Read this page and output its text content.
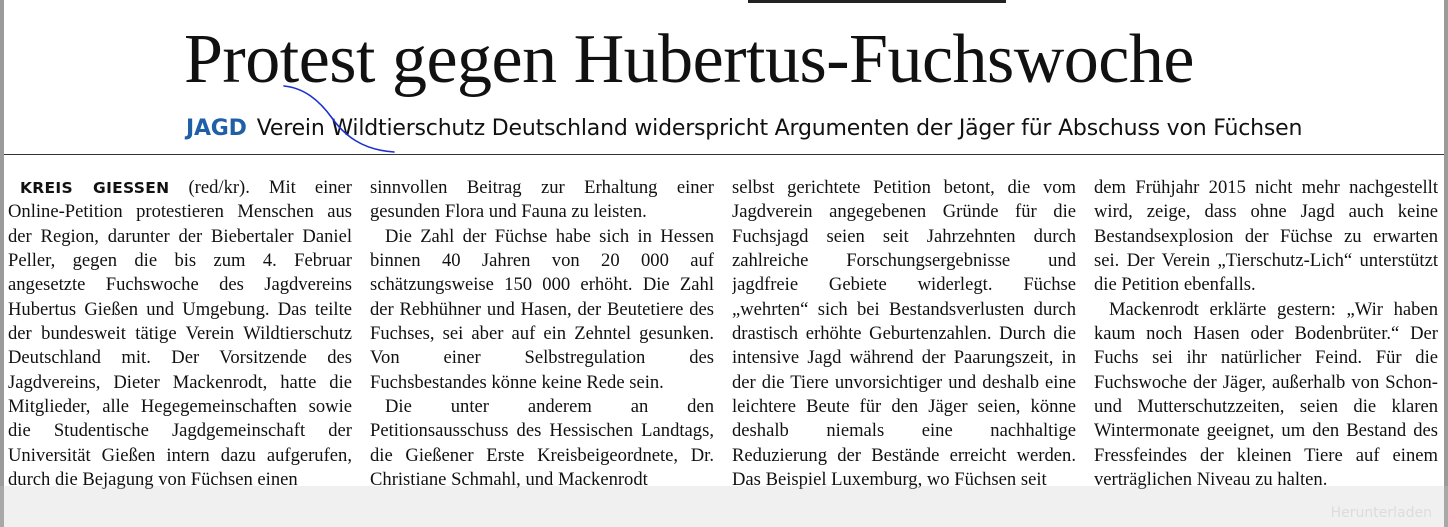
Protest gegen Hubertus-Fuchswoche
JAGD Verein Wildtierschutz Deutschland widerspricht Argumenten der Jäger für Abschuss von Füchsen

KREIS GIESSEN (red/kr). Mit einer Online-Petition protestieren Menschen aus der Region, darunter der Biebertaler Daniel Peller, gegen die bis zum 4. Februar angesetzte Fuchswoche des Jagdvereins Hubertus Gießen und Umgebung. Das teilte der bundesweit tätige Verein Wildtierschutz Deutschland mit. Der Vorsitzende des Jagdvereins, Dieter Mackenrodt, hatte die Mitglieder, alle Hegegemeinschaften sowie die Studentische Jagdgemeinschaft der Universität Gießen intern dazu aufgerufen, durch die Bejagung von Füchsen einen

sinnvollen Beitrag zur Erhaltung einer gesunden Flora und Fauna zu leisten.

Die Zahl der Füchse habe sich in Hessen binnen 40 Jahren von 20 000 auf schätzungsweise 150 000 erhöht. Die Zahl der Rebhühner und Hasen, der Beutetiere des Fuchses, sei aber auf ein Zehntel gesunken. Von einer Selbstregulation des Fuchsbestandes könne keine Rede sein.

Die unter anderem an den Petitionsausschuss des Hessischen Landtags, die Gießener Erste Kreisbeigeordnete, Dr. Christiane Schmahl, und Mackenrodt

selbst gerichtete Petition betont, die vom Jagdverein angegebenen Gründe für die Fuchsjagd seien seit Jahrzehnten durch zahlreiche Forschungsergebnisse und jagdfreie Gebiete widerlegt. Füchse „wehrten“ sich bei Bestandsverlusten durch drastisch erhöhte Geburtenzahlen. Durch die intensive Jagd während der Paarungszeit, in der die Tiere unvorsichtiger und deshalb eine leichtere Beute für den Jäger seien, könne deshalb niemals eine nachhaltige Reduzierung der Bestände erreicht werden. Das Beispiel Luxemburg, wo Füchsen seit

dem Frühjahr 2015 nicht mehr nachgestellt wird, zeige, dass ohne Jagd auch keine Bestandsexplosion der Füchse zu erwarten sei. Der Verein „Tierschutz-Lich“ unterstützt die Petition ebenfalls.

Mackenrodt erklärte gestern: „Wir haben kaum noch Hasen oder Bodenbrüter.“ Der Fuchs sei ihr natürlicher Feind. Für die Fuchswoche der Jäger, außerhalb von Schon- und Mutterschutzzeiten, seien die klaren Wintermonate geeignet, um den Bestand des Fressfeindes der kleinen Tiere auf einem verträglichen Niveau zu halten.

Herunterladen
